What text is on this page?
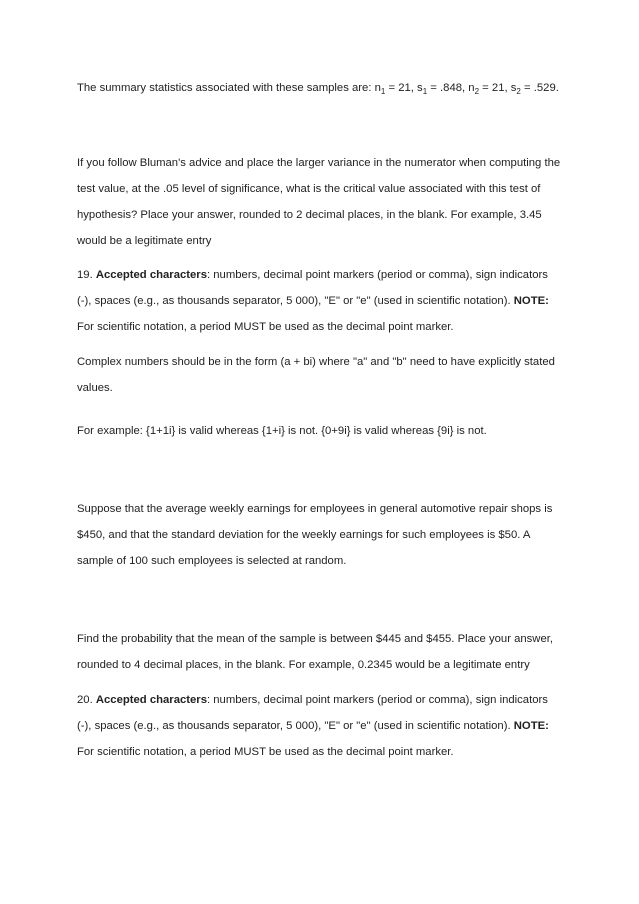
The summary statistics associated with these samples are: $n_1 = 21$, $s_1 = .848$, $n_2 = 21$, $s_2 = .529$.

If you follow Bluman's advice and place the larger variance in the numerator when computing the

test value, at the .05 level of significance, what is the critical value associated with this test of

hypothesis? Place your answer, rounded to 2 decimal places, in the blank. For example, 3.45

would be a legitimate entry

19. Accepted characters: numbers, decimal point markers (period or comma), sign indicators

(-), spaces (e.g., as thousands separator, 5 000), "E" or "e" (used in scientific notation). NOTE:

For scientific notation, a period MUST be used as the decimal point marker.

Complex numbers should be in the form (a + bi) where "a" and "b" need to have explicitly stated

values.

For example: {1+1i} is valid whereas {1+i} is not. {0+9i} is valid whereas {9i} is not.

Suppose that the average weekly earnings for employees in general automotive repair shops is

$450, and that the standard deviation for the weekly earnings for such employees is $50. A

sample of 100 such employees is selected at random.

Find the probability that the mean of the sample is between $445 and $455. Place your answer,

rounded to 4 decimal places, in the blank. For example, 0.2345 would be a legitimate entry

20. Accepted characters: numbers, decimal point markers (period or comma), sign indicators

(-), spaces (e.g., as thousands separator, 5 000), "E" or "e" (used in scientific notation). NOTE:

For scientific notation, a period MUST be used as the decimal point marker.
